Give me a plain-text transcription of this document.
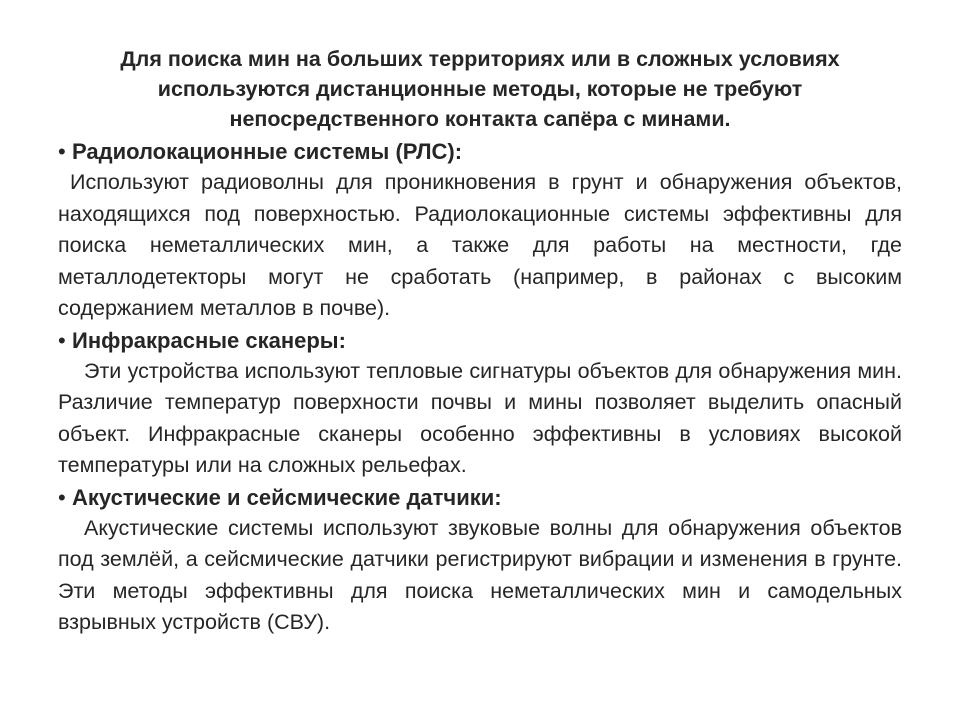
Для поиска мин на больших территориях или в сложных условиях используются дистанционные методы, которые не требуют непосредственного контакта сапёра с минами.
• Радиолокационные системы (РЛС):

Используют радиоволны для проникновения в грунт и обнаружения объектов, находящихся под поверхностью. Радиолокационные системы эффективны для поиска неметаллических мин, а также для работы на местности, где металлодетекторы могут не сработать (например, в районах с высоким содержанием металлов в почве).

• Инфракрасные сканеры:

Эти устройства используют тепловые сигнатуры объектов для обнаружения мин. Различие температур поверхности почвы и мины позволяет выделить опасный объект. Инфракрасные сканеры особенно эффективны в условиях высокой температуры или на сложных рельефах.

• Акустические и сейсмические датчики:

Акустические системы используют звуковые волны для обнаружения объектов под землёй, а сейсмические датчики регистрируют вибрации и изменения в грунте. Эти методы эффективны для поиска неметаллических мин и самодельных взрывных устройств (СВУ).
